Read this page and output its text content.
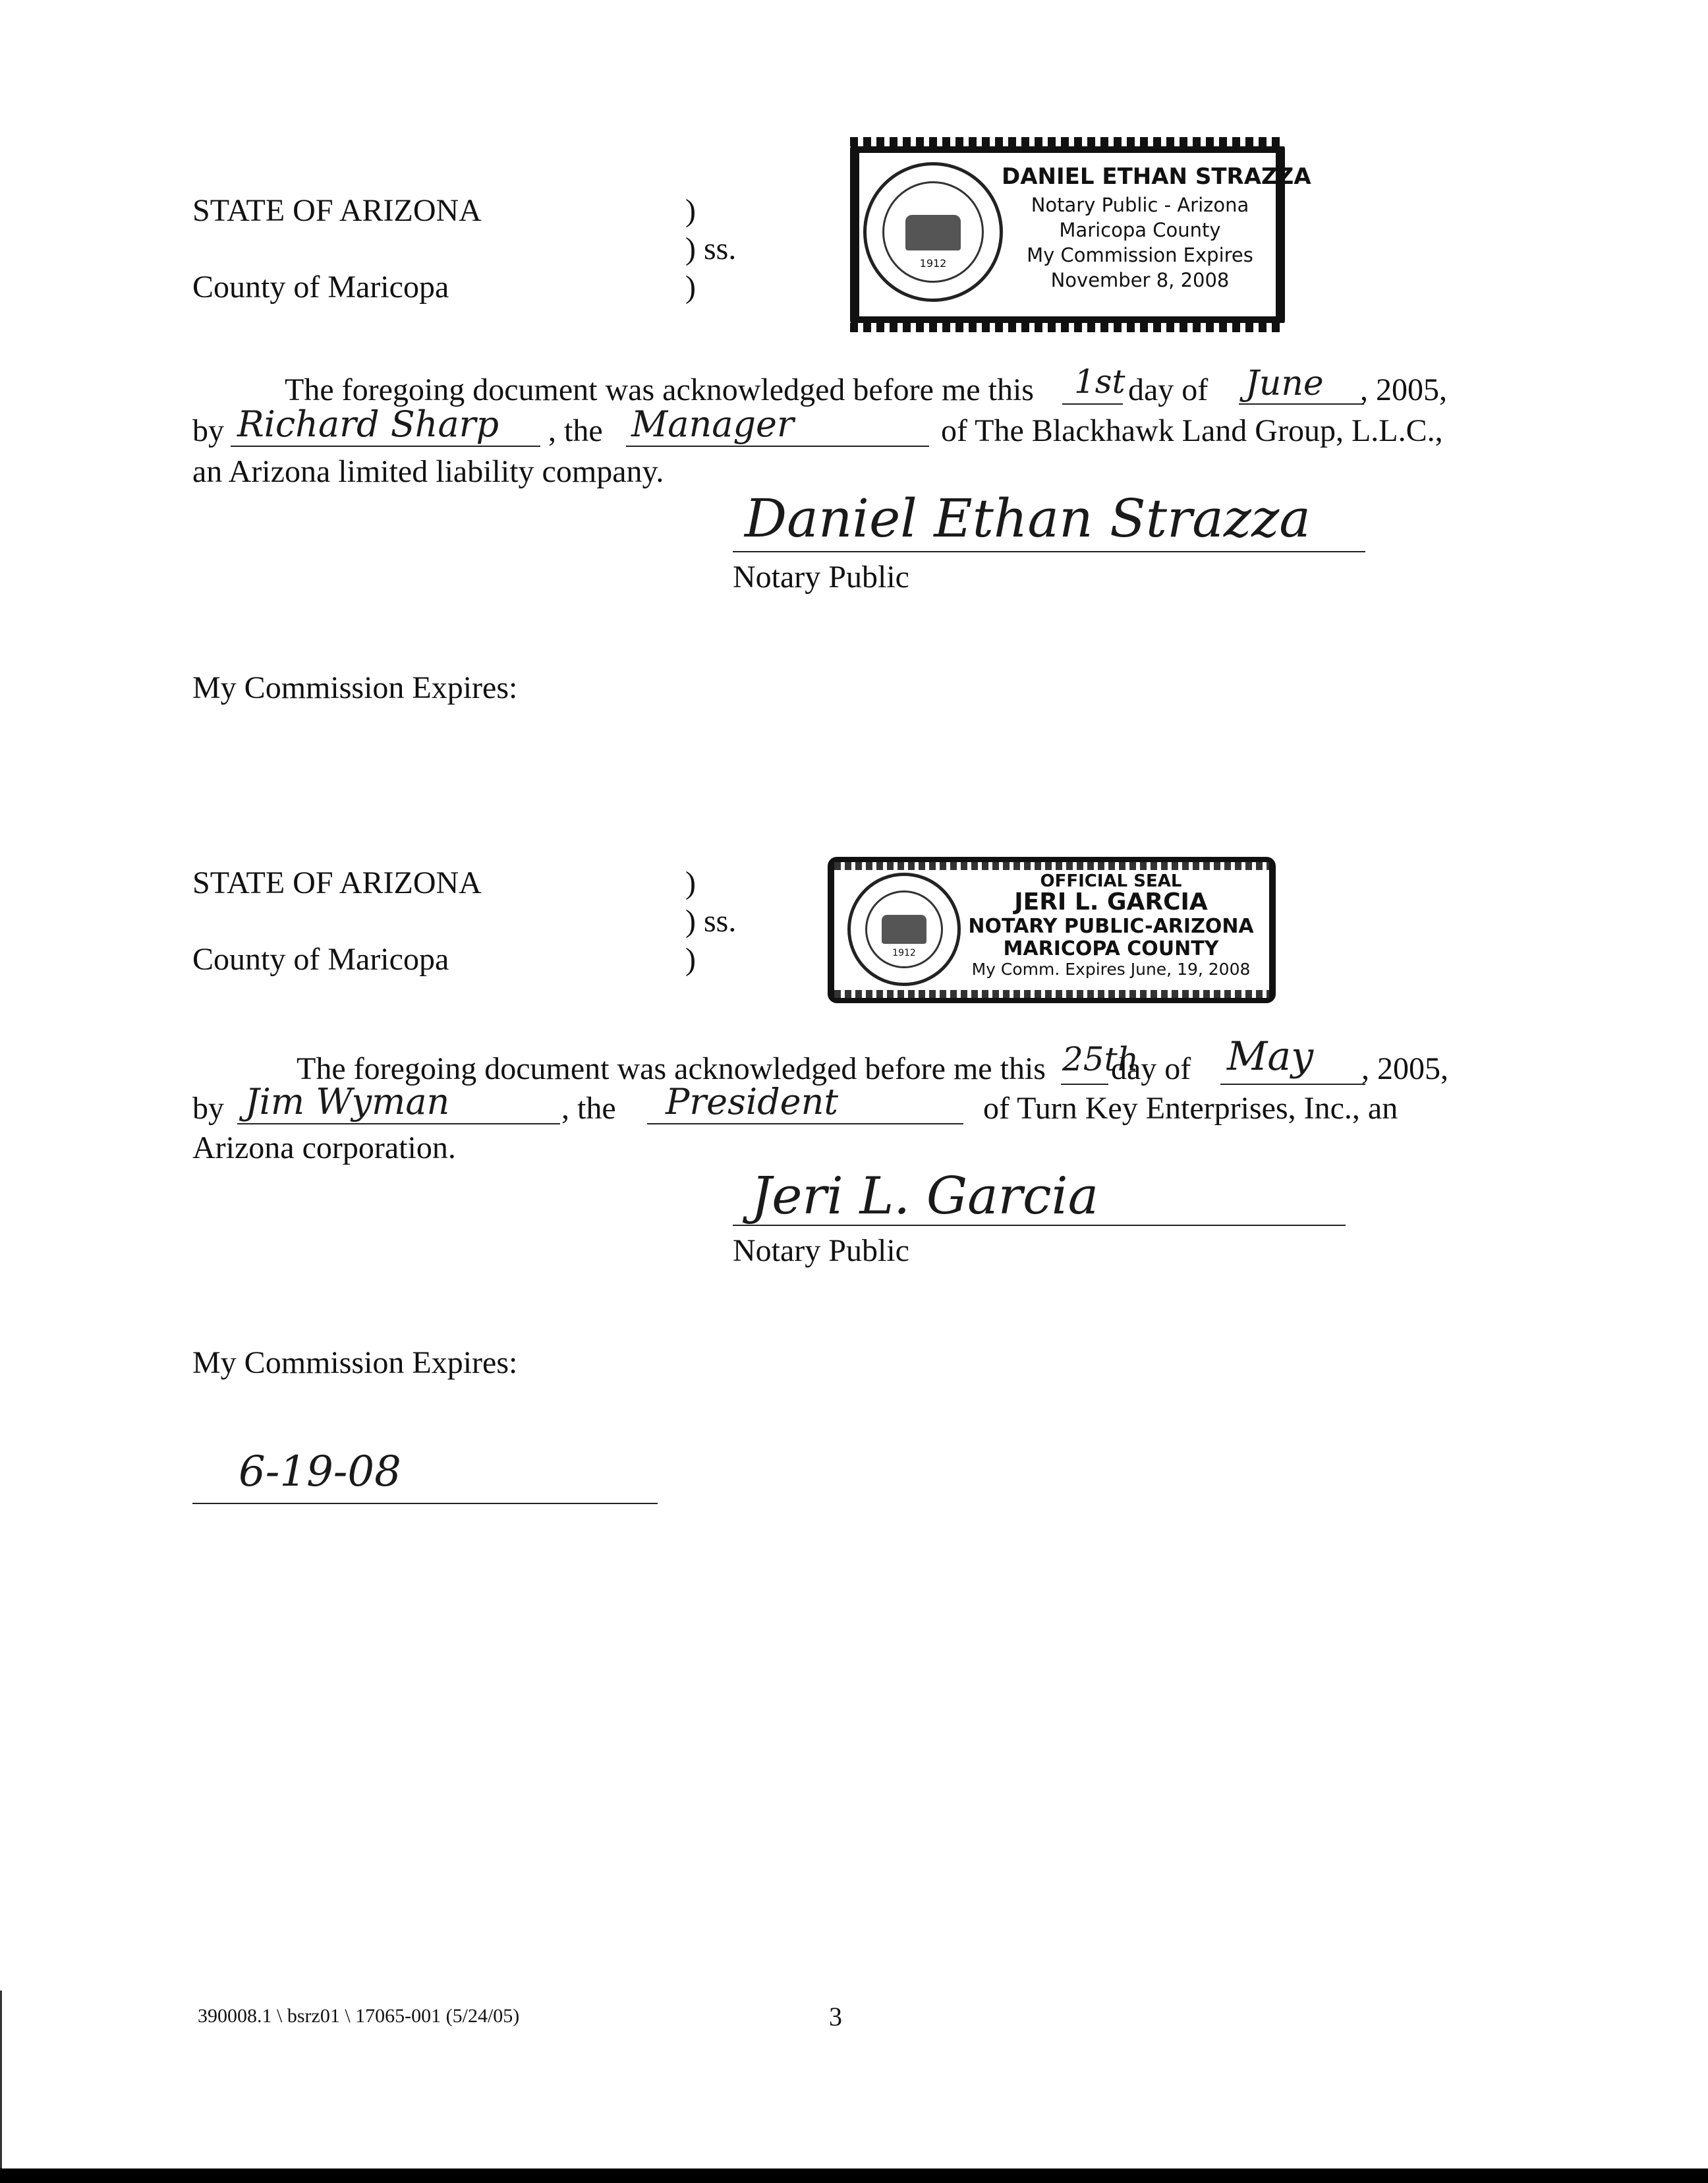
STATE OF ARIZONA	)
) ss.
)
County of Maricopa
1912
DANIEL ETHAN STRAZZA
Notary Public - Arizona
Maricopa County
My Commission Expires
November 8, 2008
The foregoing document was acknowledged before me this 1st day of June , 2005,
by Richard Sharp , the Manager	of The Blackhawk Land Group, L.L.C.,
an Arizona limited liability company.
Daniel Ethan Strazza
Notary Public
My Commission Expires:
STATE OF ARIZONA	)
) ss.
)
County of Maricopa	1912
OFFICIAL SEAL
JERI L. GARCIA
NOTARY PUBLIC-ARIZONA
MARICOPA COUNTY
My Comm. Expires June, 19, 2008
The foregoing document was acknowledged before me this 25th
day of May , 2005,
by Jim Wyman	, the President	of Turn Key Enterprises, Inc., an
Arizona corporation.
Jeri L. Garcia
Notary Public
My Commission Expires:
6-19-08
390008.1 \ bsrz01 \ 17065-001 (5/24/05)	3
